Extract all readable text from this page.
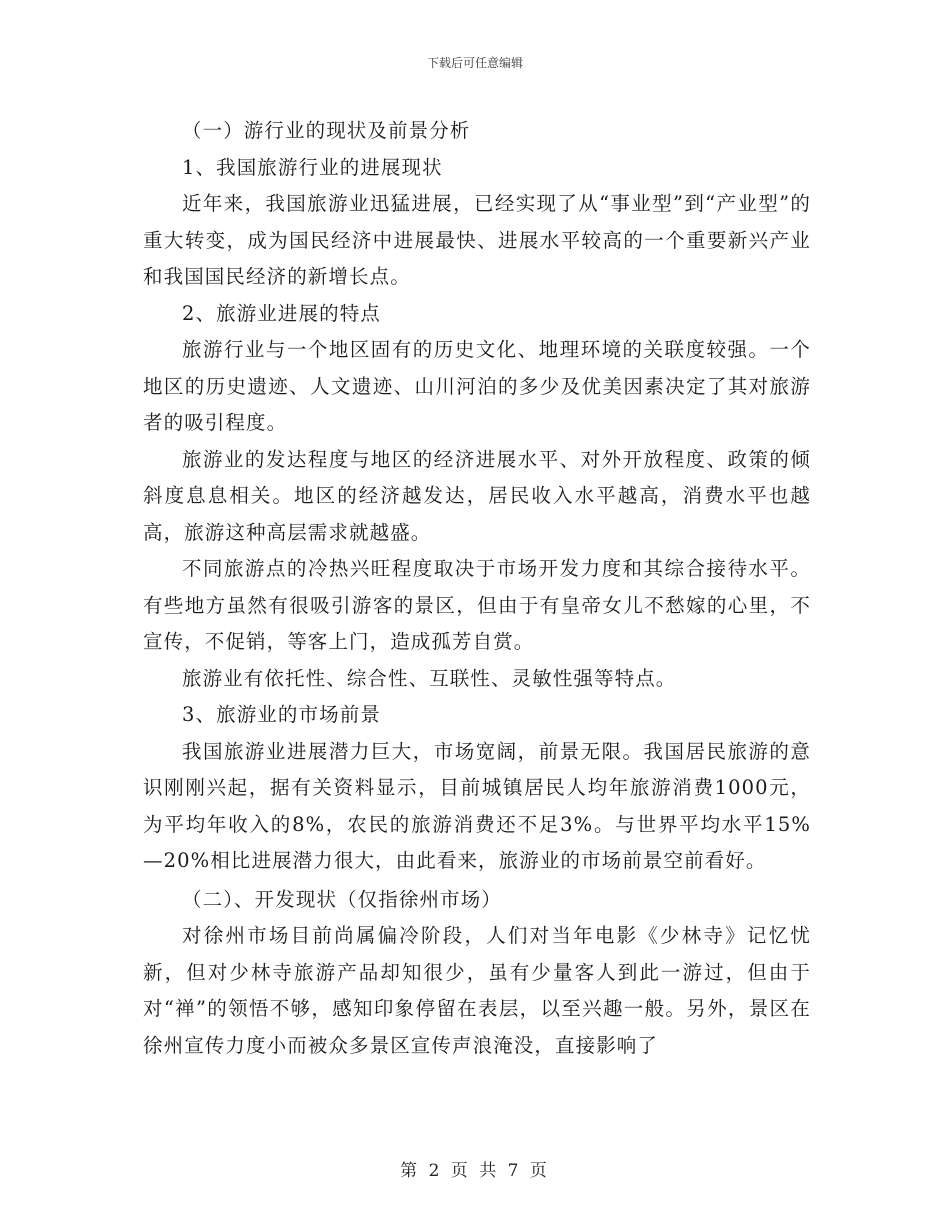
下载后可任意编辑

（一）游行业的现状及前景分析

1、我国旅游行业的进展现状

近年来，我国旅游业迅猛进展，已经实现了从“事业型”到“产业型”的重大转变，成为国民经济中进展最快、进展水平较高的一个重要新兴产业和我国国民经济的新增长点。

2、旅游业进展的特点

旅游行业与一个地区固有的历史文化、地理环境的关联度较强。一个地区的历史遗迹、人文遗迹、山川河泊的多少及优美因素决定了其对旅游者的吸引程度。

旅游业的发达程度与地区的经济进展水平、对外开放程度、政策的倾斜度息息相关。地区的经济越发达，居民收入水平越高，消费水平也越高，旅游这种高层需求就越盛。

不同旅游点的冷热兴旺程度取决于市场开发力度和其综合接待水平。有些地方虽然有很吸引游客的景区，但由于有皇帝女儿不愁嫁的心里，不宣传，不促销，等客上门，造成孤芳自赏。

旅游业有依托性、综合性、互联性、灵敏性强等特点。

3、旅游业的市场前景

我国旅游业进展潜力巨大，市场宽阔，前景无限。我国居民旅游的意识刚刚兴起，据有关资料显示，目前城镇居民人均年旅游消费1000元，为平均年收入的8%，农民的旅游消费还不足3%。与世界平均水平15%—20%相比进展潜力很大，由此看来，旅游业的市场前景空前看好。

（二）、开发现状（仅指徐州市场）

对徐州市场目前尚属偏冷阶段，人们对当年电影《少林寺》记忆忧新，但对少林寺旅游产品却知很少，虽有少量客人到此一游过，但由于对“禅”的领悟不够，感知印象停留在表层，以至兴趣一般。另外，景区在徐州宣传力度小而被众多景区宣传声浪淹没，直接影响了

第 2 页 共 7 页
